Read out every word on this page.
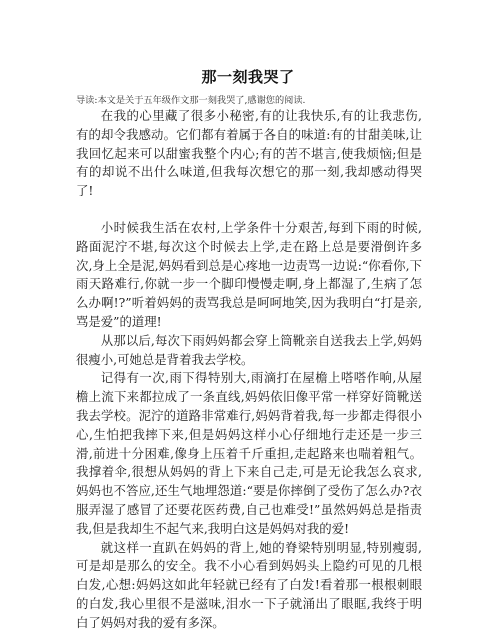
那一刻我哭了
导读:本文是关于五年级作文那一刻我哭了,感谢您的阅读.

在我的心里藏了很多小秘密,有的让我快乐,有的让我悲伤,有的却令我感动。它们都有着属于各自的味道:有的甘甜美味,让我回忆起来可以甜蜜我整个内心;有的苦不堪言,使我烦恼;但是有的却说不出什么味道,但我每次想它的那一刻,我却感动得哭了!

小时候我生活在农村,上学条件十分艰苦,每到下雨的时候,路面泥泞不堪,每次这个时候去上学,走在路上总是要滑倒许多次,身上全是泥,妈妈看到总是心疼地一边责骂一边说:“你看你,下雨天路难行,你就一步一个脚印慢慢走啊,身上都湿了,生病了怎么办啊!?”听着妈妈的责骂我总是呵呵地笑,因为我明白“打是亲,骂是爱”的道理!

从那以后,每次下雨妈妈都会穿上筒靴亲自送我去上学,妈妈很瘦小,可她总是背着我去学校。

记得有一次,雨下得特别大,雨滴打在屋檐上嗒嗒作响,从屋檐上流下来都拉成了一条直线,妈妈依旧像平常一样穿好筒靴送我去学校。泥泞的道路非常难行,妈妈背着我,每一步都走得很小心,生怕把我摔下来,但是妈妈这样小心仔细地行走还是一步三滑,前进十分困难,像身上压着千斤重担,走起路来也喘着粗气。我撑着伞,很想从妈妈的背上下来自己走,可是无论我怎么哀求,妈妈也不答应,还生气地埋怨道:“要是你摔倒了受伤了怎么办?衣服弄湿了感冒了还要花医药费,自己也难受!”虽然妈妈总是指责我,但是我却生不起气来,我明白这是妈妈对我的爱!

就这样一直趴在妈妈的背上,她的脊梁特别明显,特别瘦弱,可是却是那么的安全。我不小心看到妈妈头上隐约可见的几根白发,心想:妈妈这如此年轻就已经有了白发!看着那一根根刺眼的白发,我心里很不是滋味,泪水一下子就涌出了眼眶,我终于明白了妈妈对我的爱有多深。
